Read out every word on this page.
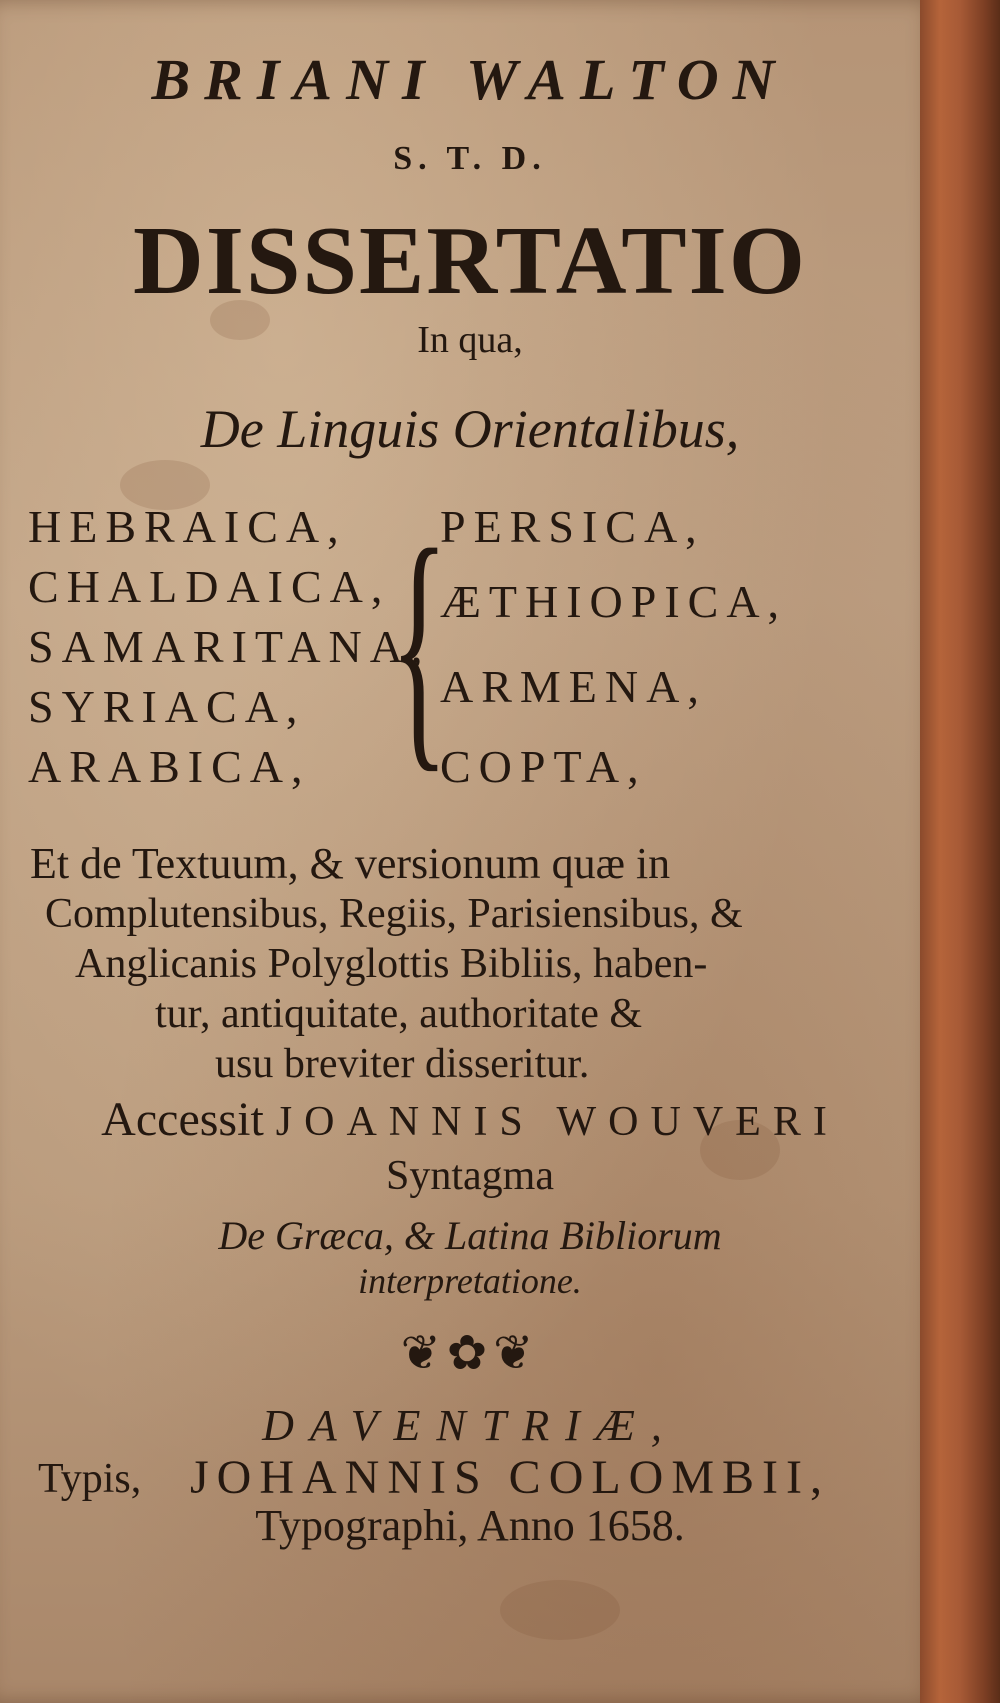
BRIANI WALTON
S. T. D.
DISSERTATIO
In qua,
De Linguis Orientalibus,
HEBRAICA,
CHALDAICA,
SAMARITANA,
SYRIACA,
ARABICA, {
PERSICA,
ÆTHIOPICA,
ARMENA,
COPTA,
Et de Textuum, & versionum quæ in
Complutensibus, Regiis, Parisiensibus, &
Anglicanis Polyglottis Bibliis, haben-
tur, antiquitate, authoritate &
usu breviter disseritur.
Accessit JOANNIS WOUVERI
Syntagma
De Græca, & Latina Bibliorum
interpretatione.
❦✿❦
DAVENTRIÆ,
Typis, JOHANNIS COLOMBII,
Typographi, Anno 1658.
